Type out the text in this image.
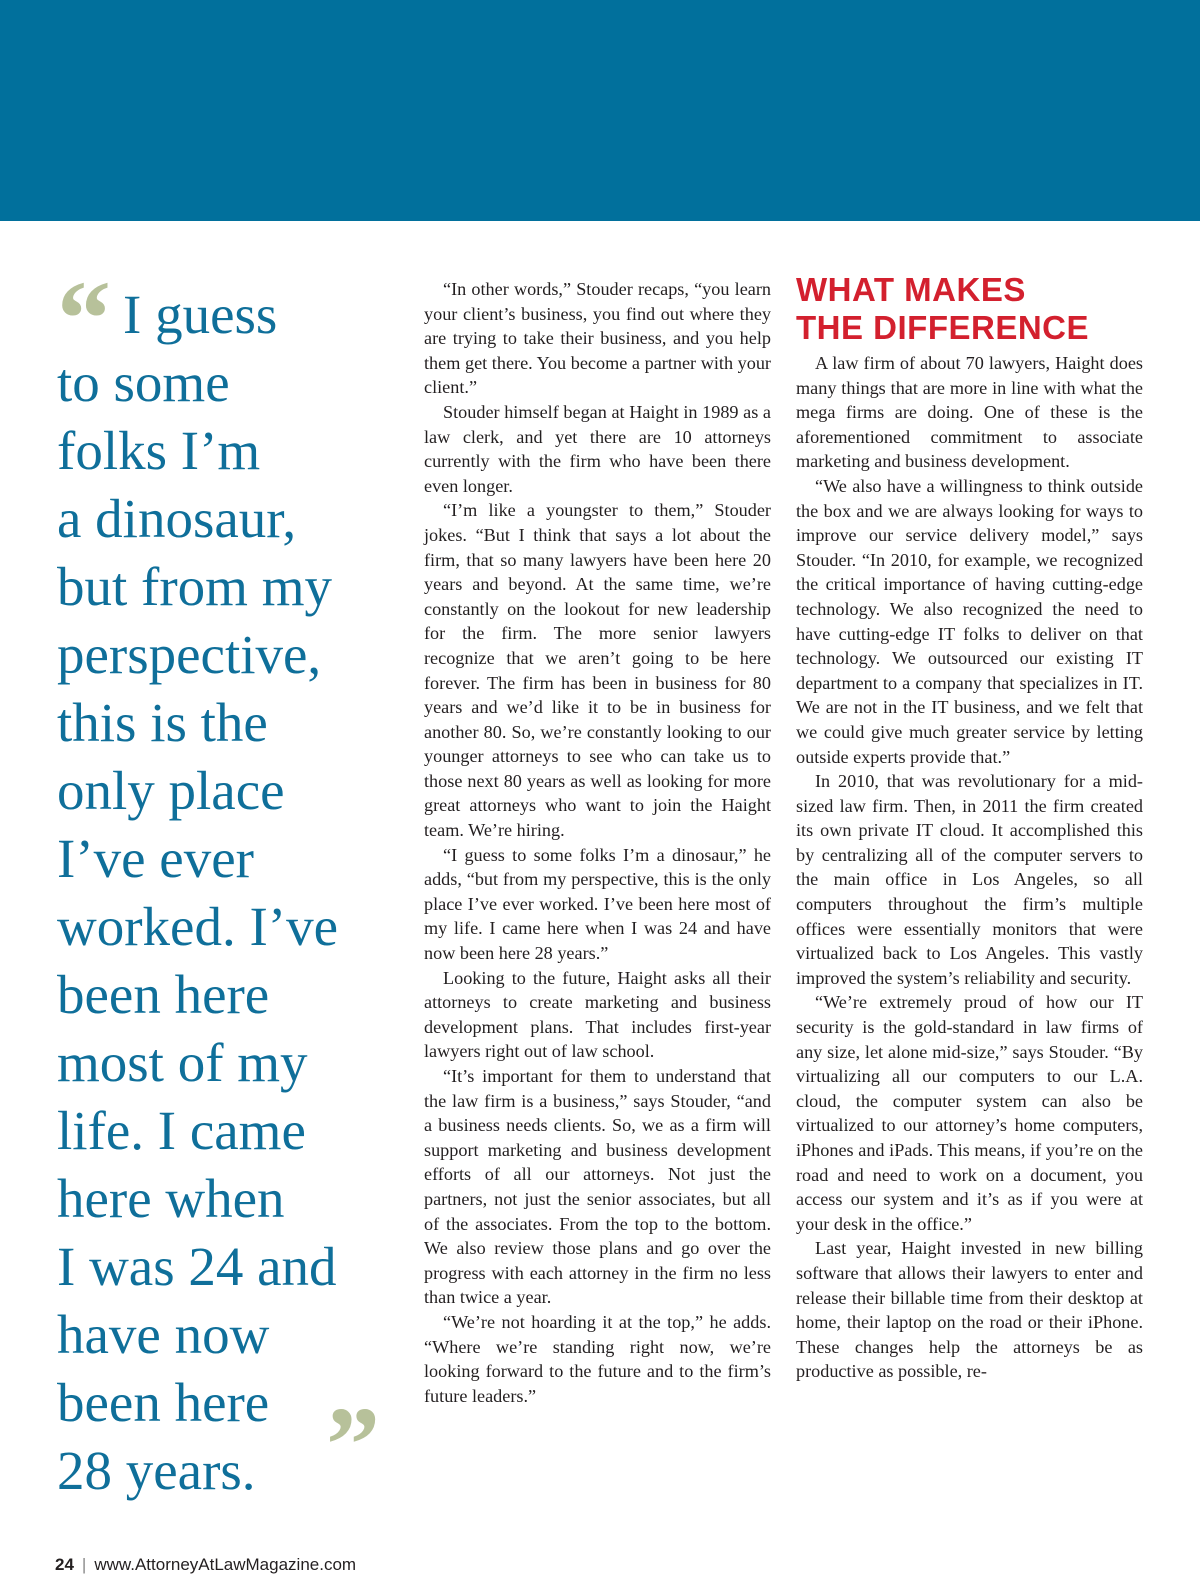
“ I guess
to some
folks I’m
a dinosaur,
but from my
perspective,
this is the
only place
I’ve ever
worked. I’ve
been here
most of my
life. I came
here when
I was 24 and
have now
been here
28 years. ”

“In other words,” Stouder recaps, “you learn your client’s business, you find out where they are trying to take their business, and you help them get there. You become a partner with your client.”

Stouder himself began at Haight in 1989 as a law clerk, and yet there are 10 attorneys currently with the firm who have been there even longer.

“I’m like a youngster to them,” Stouder jokes. “But I think that says a lot about the firm, that so many lawyers have been here 20 years and beyond. At the same time, we’re constantly on the lookout for new leadership for the firm. The more senior lawyers recognize that we aren’t going to be here forever. The firm has been in business for 80 years and we’d like it to be in business for another 80. So, we’re constantly looking to our younger attorneys to see who can take us to those next 80 years as well as looking for more great attorneys who want to join the Haight team. We’re hiring.

“I guess to some folks I’m a dinosaur,” he adds, “but from my perspective, this is the only place I’ve ever worked. I’ve been here most of my life. I came here when I was 24 and have now been here 28 years.”

Looking to the future, Haight asks all their attorneys to create marketing and business development plans. That includes first-year lawyers right out of law school.

“It’s important for them to understand that the law firm is a business,” says Stouder, “and a business needs clients. So, we as a firm will support marketing and business development efforts of all our attorneys. Not just the partners, not just the senior associates, but all of the associates. From the top to the bottom. We also review those plans and go over the progress with each attorney in the firm no less than twice a year.

“We’re not hoarding it at the top,” he adds. “Where we’re standing right now, we’re looking forward to the future and to the firm’s future leaders.”

WHAT MAKES
THE DIFFERENCE

A law firm of about 70 lawyers, Haight does many things that are more in line with what the mega firms are doing. One of these is the aforementioned commitment to associate marketing and business development.

“We also have a willingness to think outside the box and we are always looking for ways to improve our service delivery model,” says Stouder. “In 2010, for example, we recognized the critical importance of having cutting-edge technology. We also recognized the need to have cutting-edge IT folks to deliver on that technology. We outsourced our existing IT department to a company that specializes in IT. We are not in the IT business, and we felt that we could give much greater service by letting outside experts provide that.”

In 2010, that was revolutionary for a mid-sized law firm. Then, in 2011 the firm created its own private IT cloud. It accomplished this by centralizing all of the computer servers to the main office in Los Angeles, so all computers throughout the firm’s multiple offices were essentially monitors that were virtualized back to Los Angeles. This vastly improved the system’s reliability and security.

“We’re extremely proud of how our IT security is the gold-standard in law firms of any size, let alone mid-size,” says Stouder. “By virtualizing all our computers to our L.A. cloud, the computer system can also be virtualized to our attorney’s home computers, iPhones and iPads. This means, if you’re on the road and need to work on a document, you access our system and it’s as if you were at your desk in the office.”

Last year, Haight invested in new billing software that allows their lawyers to enter and release their billable time from their desktop at home, their laptop on the road or their iPhone. These changes help the attorneys be as productive as possible, re-

24 | www.AttorneyAtLawMagazine.com
